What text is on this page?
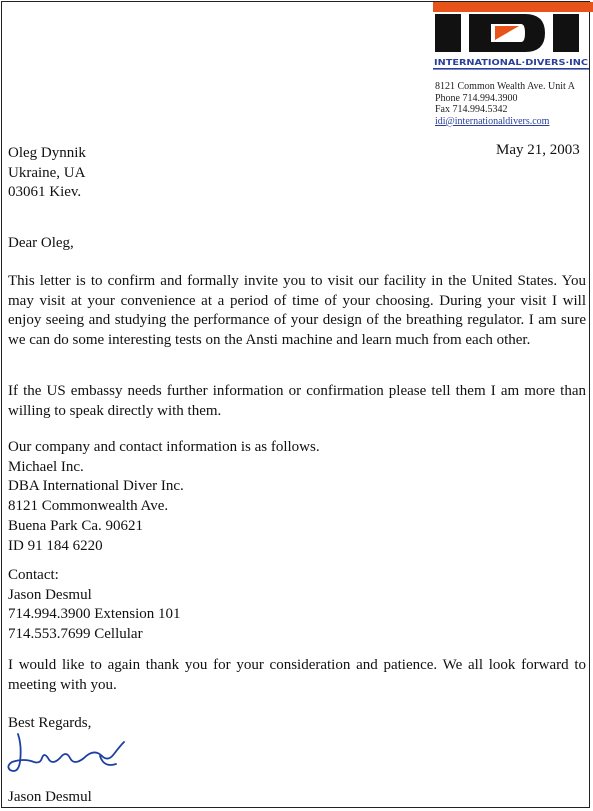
INTERNATIONAL·DIVERS·INC
8121 Common Wealth Ave. Unit A
Phone 714.994.3900
Fax 714.994.5342
idi@internationaldivers.com
Oleg Dynnik
Ukraine, UA
03061 Kiev.
May 21, 2003
Dear Oleg,
This letter is to confirm and formally invite you to visit our facility in the United States. You may visit at your convenience at a period of time of your choosing. During your visit I will enjoy seeing and studying the performance of your design of the breathing regulator. I am sure we can do some interesting tests on the Ansti machine and learn much from each other.
If the US embassy needs further information or confirmation please tell them I am more than willing to speak directly with them.
Our company and contact information is as follows.
Michael Inc.
DBA International Diver Inc.
8121 Commonwealth Ave.
Buena Park Ca. 90621
ID 91 184 6220
Contact:
Jason Desmul
714.994.3900 Extension 101
714.553.7699 Cellular
I would like to again thank you for your consideration and patience. We all look forward to meeting with you.
Best Regards,
Jason Desmul
